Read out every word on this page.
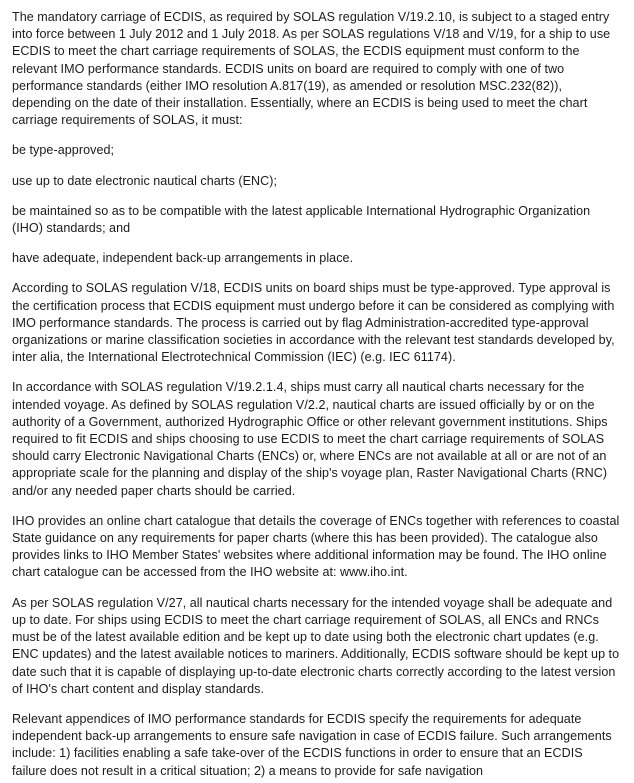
The mandatory carriage of ECDIS, as required by SOLAS regulation V/19.2.10, is subject to a staged entry into force between 1 July 2012 and 1 July 2018. As per SOLAS regulations V/18 and V/19, for a ship to use ECDIS to meet the chart carriage requirements of SOLAS, the ECDIS equipment must conform to the relevant IMO performance standards. ECDIS units on board are required to comply with one of two performance standards (either IMO resolution A.817(19), as amended or resolution MSC.232(82)), depending on the date of their installation. Essentially, where an ECDIS is being used to meet the chart carriage requirements of SOLAS, it must:

be type-approved;

use up to date electronic nautical charts (ENC);

be maintained so as to be compatible with the latest applicable International Hydrographic Organization (IHO) standards; and

have adequate, independent back-up arrangements in place.

According to SOLAS regulation V/18, ECDIS units on board ships must be type-approved. Type approval is the certification process that ECDIS equipment must undergo before it can be considered as complying with IMO performance standards. The process is carried out by flag Administration-accredited type-approval organizations or marine classification societies in accordance with the relevant test standards developed by, inter alia, the International Electrotechnical Commission (IEC) (e.g. IEC 61174).

In accordance with SOLAS regulation V/19.2.1.4, ships must carry all nautical charts necessary for the intended voyage. As defined by SOLAS regulation V/2.2, nautical charts are issued officially by or on the authority of a Government, authorized Hydrographic Office or other relevant government institutions. Ships required to fit ECDIS and ships choosing to use ECDIS to meet the chart carriage requirements of SOLAS should carry Electronic Navigational Charts (ENCs) or, where ENCs are not available at all or are not of an appropriate scale for the planning and display of the ship's voyage plan, Raster Navigational Charts (RNC) and/or any needed paper charts should be carried.

IHO provides an online chart catalogue that details the coverage of ENCs together with references to coastal State guidance on any requirements for paper charts (where this has been provided). The catalogue also provides links to IHO Member States' websites where additional information may be found. The IHO online chart catalogue can be accessed from the IHO website at: www.iho.int.

As per SOLAS regulation V/27, all nautical charts necessary for the intended voyage shall be adequate and up to date. For ships using ECDIS to meet the chart carriage requirement of SOLAS, all ENCs and RNCs must be of the latest available edition and be kept up to date using both the electronic chart updates (e.g. ENC updates) and the latest available notices to mariners. Additionally, ECDIS software should be kept up to date such that it is capable of displaying up-to-date electronic charts correctly according to the latest version of IHO's chart content and display standards.

Relevant appendices of IMO performance standards for ECDIS specify the requirements for adequate independent back-up arrangements to ensure safe navigation in case of ECDIS failure. Such arrangements include: 1) facilities enabling a safe take-over of the ECDIS functions in order to ensure that an ECDIS failure does not result in a critical situation; 2) a means to provide for safe navigation
